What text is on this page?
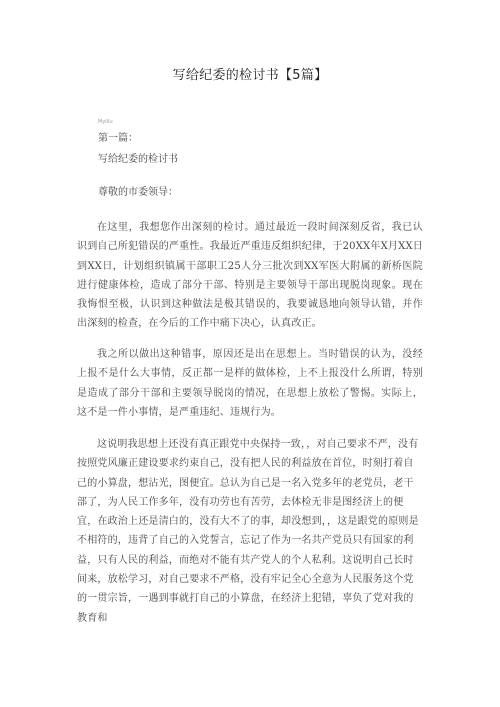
写给纪委的检讨书【5篇】
Mylilu
第一篇：
写给纪委的检讨书
尊敬的市委领导：

在这里，我想您作出深刻的检讨。通过最近一段时间深刻反省，我已认识到自己所犯错误的严重性。我最近严重违反组织纪律，于20XX年X月XX日到XX日，计划组织镇属干部职工25人分三批次到XX军医大附属的新桥医院进行健康体检，造成了部分干部、特别是主要领导干部出现脱岗现象。现在我悔恨至极，认识到这种做法是极其错误的，我要诚恳地向领导认错，并作出深刻的检查，在今后的工作中痛下决心，认真改正。

我之所以做出这种错事，原因还是出在思想上。当时错误的认为，没经上报不是什么大事情，反正都一是样的做体检，上不上报没什么所谓，特别是造成了部分干部和主要领导脱岗的情况，在思想上放松了警惕。实际上，这不是一件小事情，是严重违纪、违规行为。

这说明我思想上还没有真正跟党中央保持一致，，对自己要求不严，没有按照党风廉正建设要求约束自己，没有把人民的利益放在首位，时刻打着自己的小算盘，想沾光，图便宜。总认为自己是一名入党多年的老党员，老干部了，为人民工作多年，没有功劳也有苦劳，去体检无非是图经济上的便宜，在政治上还是清白的，没有大不了的事，却没想到，，这是跟党的原则是不相符的，违背了自己的入党誓言，忘记了作为一名共产党员只有国家的利益，只有人民的利益，而绝对不能有共产党人的个人私利。这说明自己长时间来，放松学习，对自己要求不严格，没有牢记全心全意为人民服务这个党的一贯宗旨，一遇到事就打自己的小算盘，在经济上犯错，辜负了党对我的教育和
